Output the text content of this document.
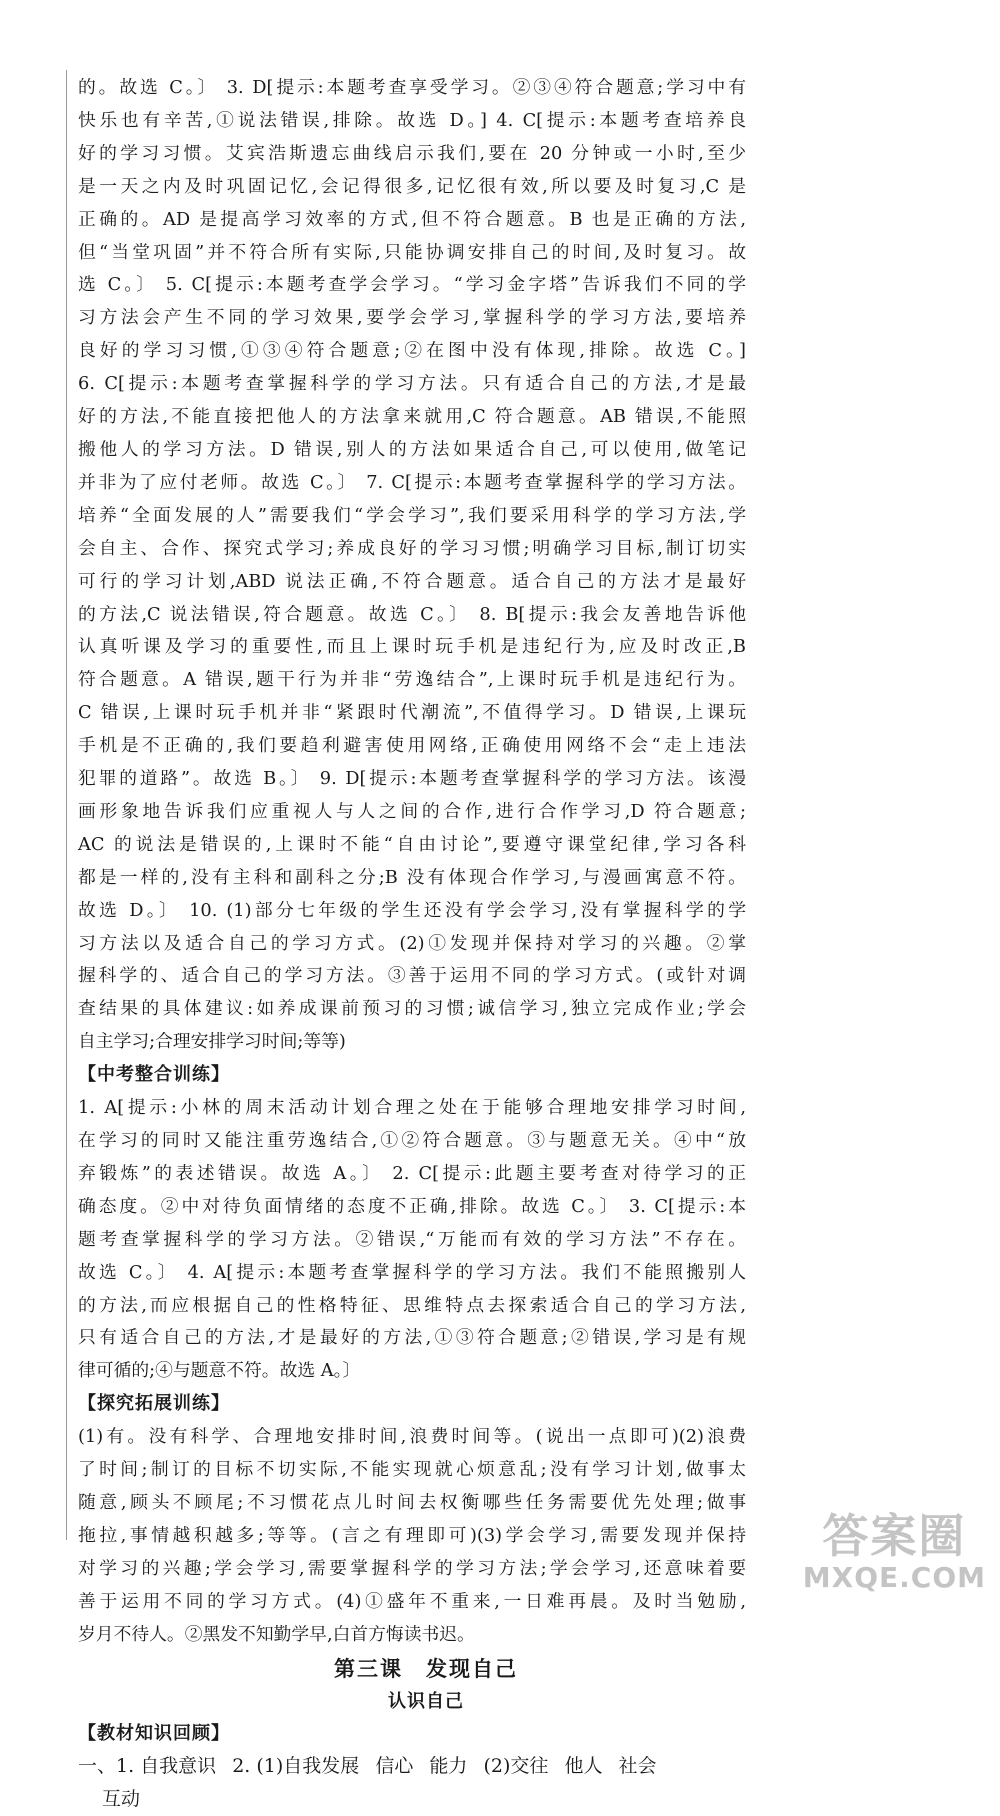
的。故选 C。〕 3. D[提示:本题考查享受学习。②③④符合题意;学习中有

快乐也有辛苦,①说法错误,排除。故选 D。] 4. C[提示:本题考查培养良

好的学习习惯。艾宾浩斯遗忘曲线启示我们,要在 20 分钟或一小时,至少

是一天之内及时巩固记忆,会记得很多,记忆很有效,所以要及时复习,C 是

正确的。AD 是提高学习效率的方式,但不符合题意。B 也是正确的方法,

但“当堂巩固”并不符合所有实际,只能协调安排自己的时间,及时复习。故

选 C。〕 5. C[提示:本题考查学会学习。“学习金字塔”告诉我们不同的学

习方法会产生不同的学习效果,要学会学习,掌握科学的学习方法,要培养

良好的学习习惯,①③④符合题意;②在图中没有体现,排除。故选 C。]

6. C[提示:本题考查掌握科学的学习方法。只有适合自己的方法,才是最

好的方法,不能直接把他人的方法拿来就用,C 符合题意。AB 错误,不能照

搬他人的学习方法。D 错误,别人的方法如果适合自己,可以使用,做笔记

并非为了应付老师。故选 C。〕 7. C[提示:本题考查掌握科学的学习方法。

培养“全面发展的人”需要我们“学会学习”,我们要采用科学的学习方法,学

会自主、合作、探究式学习;养成良好的学习习惯;明确学习目标,制订切实

可行的学习计划,ABD 说法正确,不符合题意。适合自己的方法才是最好

的方法,C 说法错误,符合题意。故选 C。〕 8. B[提示:我会友善地告诉他

认真听课及学习的重要性,而且上课时玩手机是违纪行为,应及时改正,B

符合题意。A 错误,题干行为并非“劳逸结合”,上课时玩手机是违纪行为。

C 错误,上课时玩手机并非“紧跟时代潮流”,不值得学习。D 错误,上课玩

手机是不正确的,我们要趋利避害使用网络,正确使用网络不会“走上违法

犯罪的道路”。故选 B。〕 9. D[提示:本题考查掌握科学的学习方法。该漫

画形象地告诉我们应重视人与人之间的合作,进行合作学习,D 符合题意;

AC 的说法是错误的,上课时不能“自由讨论”,要遵守课堂纪律,学习各科

都是一样的,没有主科和副科之分;B 没有体现合作学习,与漫画寓意不符。

故选 D。〕 10. (1)部分七年级的学生还没有学会学习,没有掌握科学的学

习方法以及适合自己的学习方式。(2)①发现并保持对学习的兴趣。②掌

握科学的、适合自己的学习方法。③善于运用不同的学习方式。(或针对调

查结果的具体建议:如养成课前预习的习惯;诚信学习,独立完成作业;学会

自主学习;合理安排学习时间;等等)

【中考整合训练】

1. A[提示:小林的周末活动计划合理之处在于能够合理地安排学习时间,

在学习的同时又能注重劳逸结合,①②符合题意。③与题意无关。④中“放

弃锻炼”的表述错误。故选 A。〕 2. C[提示:此题主要考查对待学习的正

确态度。②中对待负面情绪的态度不正确,排除。故选 C。〕 3. C[提示:本

题考查掌握科学的学习方法。②错误,“万能而有效的学习方法”不存在。

故选 C。〕 4. A[提示:本题考查掌握科学的学习方法。我们不能照搬别人

的方法,而应根据自己的性格特征、思维特点去探索适合自己的学习方法,

只有适合自己的方法,才是最好的方法,①③符合题意;②错误,学习是有规

律可循的;④与题意不符。故选 A。〕

【探究拓展训练】

(1)有。没有科学、合理地安排时间,浪费时间等。(说出一点即可)(2)浪费

了时间;制订的目标不切实际,不能实现就心烦意乱;没有学习计划,做事太

随意,顾头不顾尾;不习惯花点儿时间去权衡哪些任务需要优先处理;做事

拖拉,事情越积越多;等等。(言之有理即可)(3)学会学习,需要发现并保持

对学习的兴趣;学会学习,需要掌握科学的学习方法;学会学习,还意味着要

善于运用不同的学习方式。(4)①盛年不重来,一日难再晨。及时当勉励,

岁月不待人。②黑发不知勤学早,白首方悔读书迟。

第三课　发现自己

认识自己

【教材知识回顾】

一、1. 自我意识 2. (1)自我发展 信心 能力 (2)交往 他人 社会

互动

答案圈
MXQE.COM
